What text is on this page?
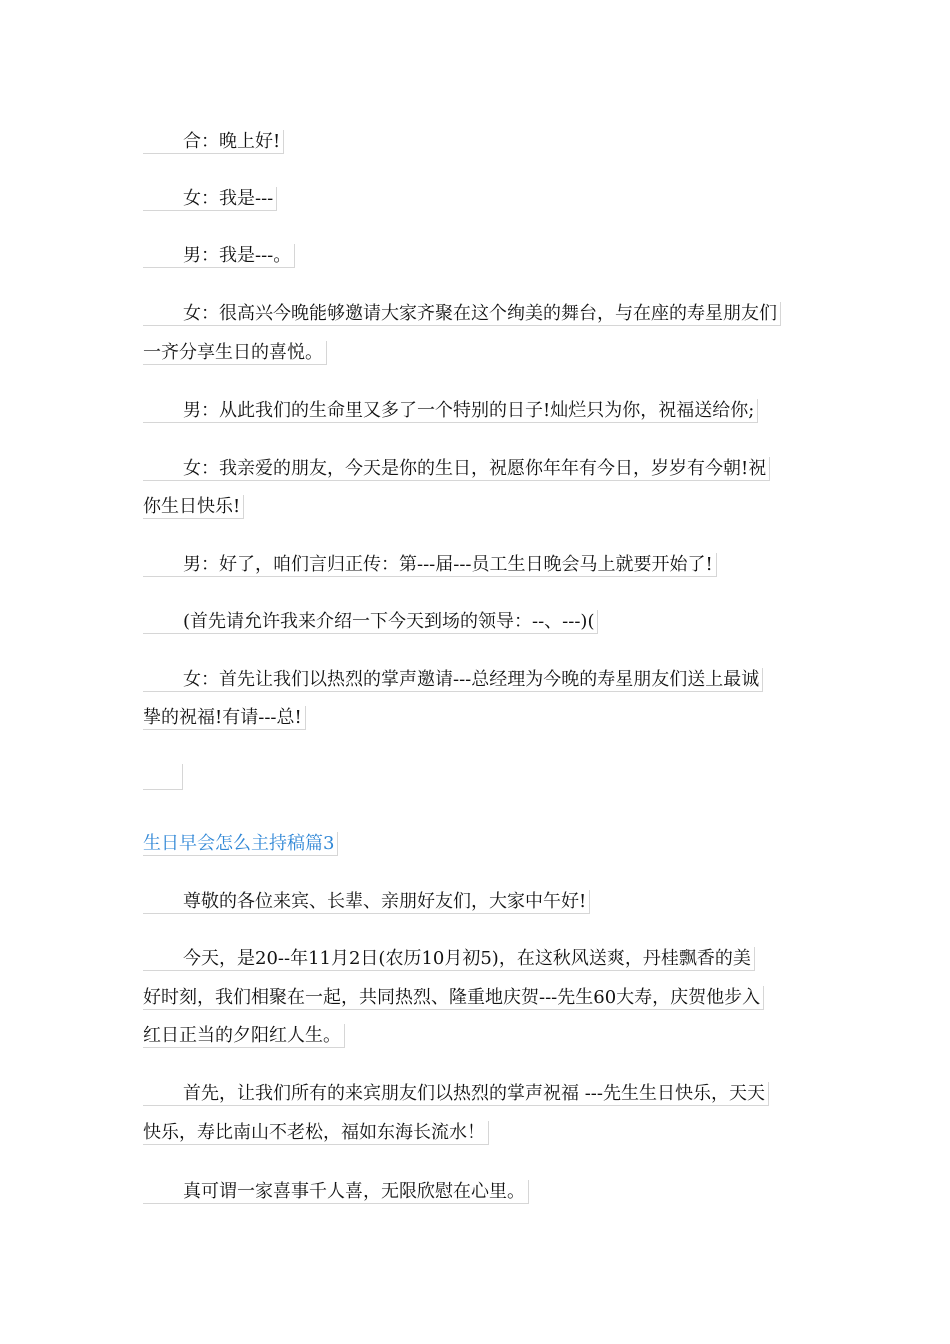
合：晚上好!
女：我是---
男：我是---。
女：很高兴今晚能够邀请大家齐聚在这个绚美的舞台，与在座的寿星朋友们
一齐分享生日的喜悦。
男：从此我们的生命里又多了一个特别的日子!灿烂只为你，祝福送给你;
女：我亲爱的朋友，今天是你的生日，祝愿你年年有今日，岁岁有今朝!祝
你生日快乐!
男：好了，咱们言归正传：第---届---员工生日晚会马上就要开始了!
(首先请允许我来介绍一下今天到场的领导：--、---)(
女：首先让我们以热烈的掌声邀请---总经理为今晚的寿星朋友们送上最诚
挚的祝福!有请---总!
生日早会怎么主持稿篇3
尊敬的各位来宾、长辈、亲朋好友们，大家中午好!
今天，是20--年11月2日(农历10月初5)，在这秋风送爽，丹桂飘香的美
好时刻，我们相聚在一起，共同热烈、隆重地庆贺---先生60大寿，庆贺他步入
红日正当的夕阳红人生。
首先，让我们所有的来宾朋友们以热烈的掌声祝福 ---先生生日快乐，天天
快乐，寿比南山不老松，福如东海长流水！
真可谓一家喜事千人喜，无限欣慰在心里。
